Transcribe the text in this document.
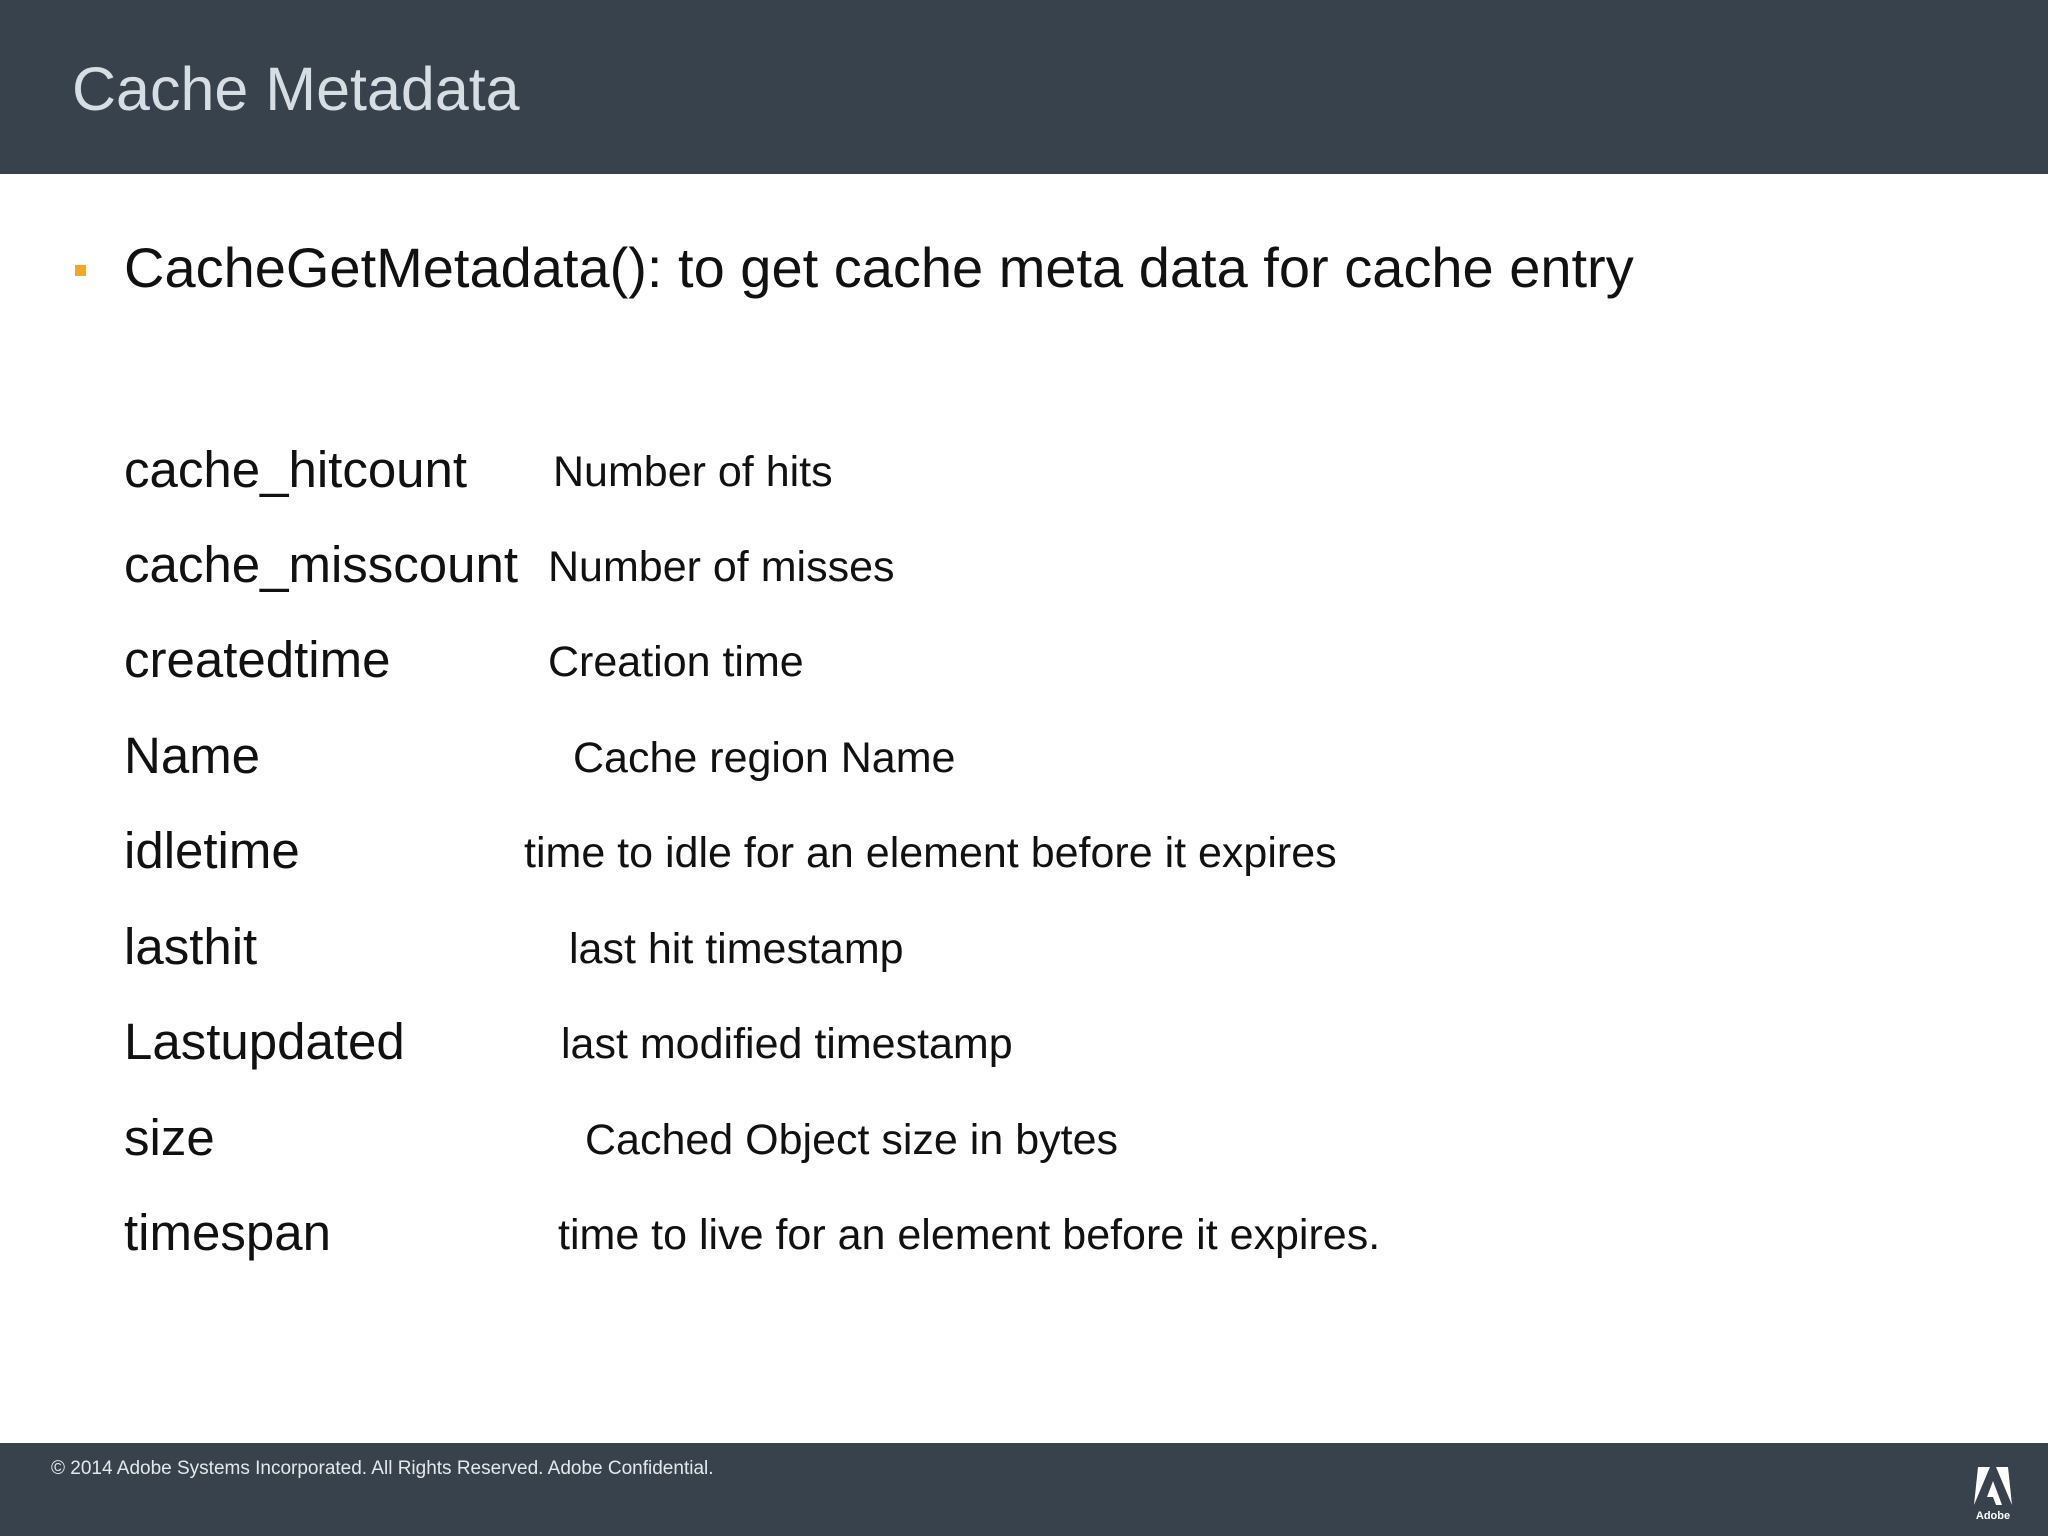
Cache Metadata
CacheGetMetadata(): to get cache meta data for cache entry
cache_hitcount Number of hits
cache_misscount Number of misses
createdtime	Creation time
Name	Cache region Name
idletime	time to idle for an element before it expires
lasthit	last hit timestamp
Lastupdated	last modified timestamp
size	Cached Object size in bytes
timespan	time to live for an element before it expires.
© 2014 Adobe Systems Incorporated. All Rights Reserved. Adobe Confidential.
Adobe
